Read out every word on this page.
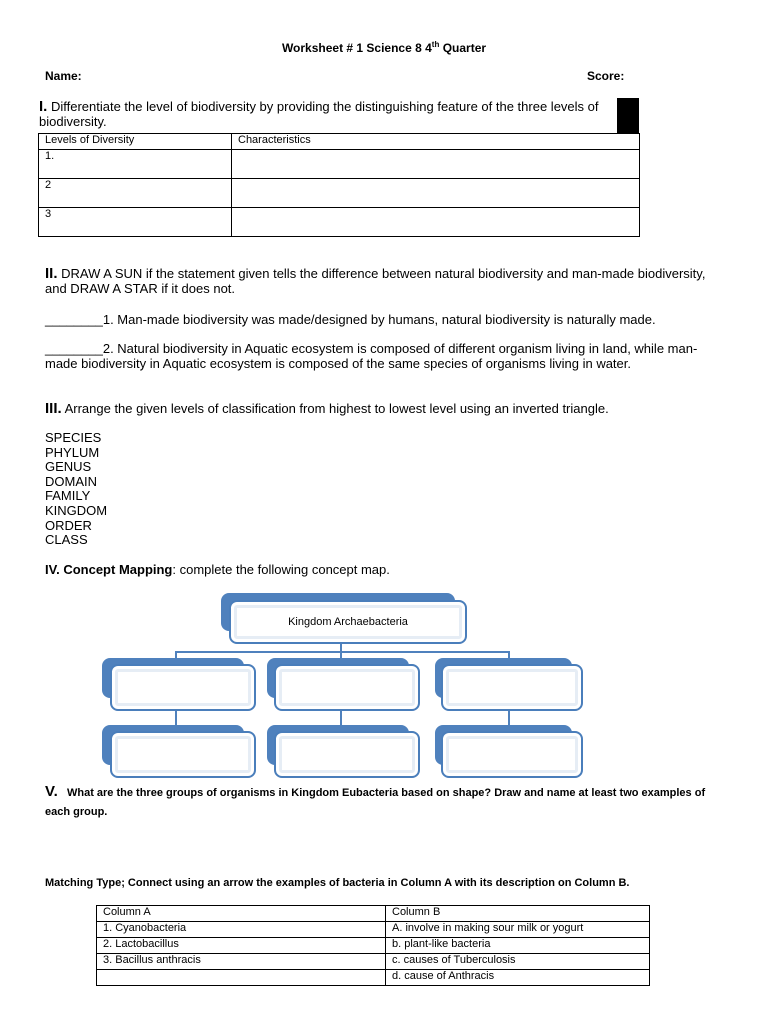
Worksheet # 1 Science 8 4th Quarter
Name:	Score:
I. Differentiate the level of biodiversity by providing the distinguishing feature of the three levels of biodiversity.
Levels of Diversity	Characteristics
1.	
2	
3	
II. DRAW A SUN if the statement given tells the difference between natural biodiversity and man-made biodiversity, and DRAW A STAR if it does not.
________1. Man-made biodiversity was made/designed by humans, natural biodiversity is naturally made.
________2. Natural biodiversity in Aquatic ecosystem is composed of different organism living in land, while man-made biodiversity in Aquatic ecosystem is composed of the same species of organisms living in water.
III. Arrange the given levels of classification from highest to lowest level using an inverted triangle.
SPECIES
PHYLUM
GENUS
DOMAIN
FAMILY
KINGDOM
ORDER
CLASS
IV. Concept Mapping: complete the following concept map.
Kingdom Archaebacteria
V. What are the three groups of organisms in Kingdom Eubacteria based on shape? Draw and name at least two examples of each group.
Matching Type; Connect using an arrow the examples of bacteria in Column A with its description on Column B.
Column A	Column B
1. Cyanobacteria	A. involve in making sour milk or yogurt
2. Lactobacillus	b. plant-like bacteria
3. Bacillus anthracis	c. causes of Tuberculosis
	d. cause of Anthracis
